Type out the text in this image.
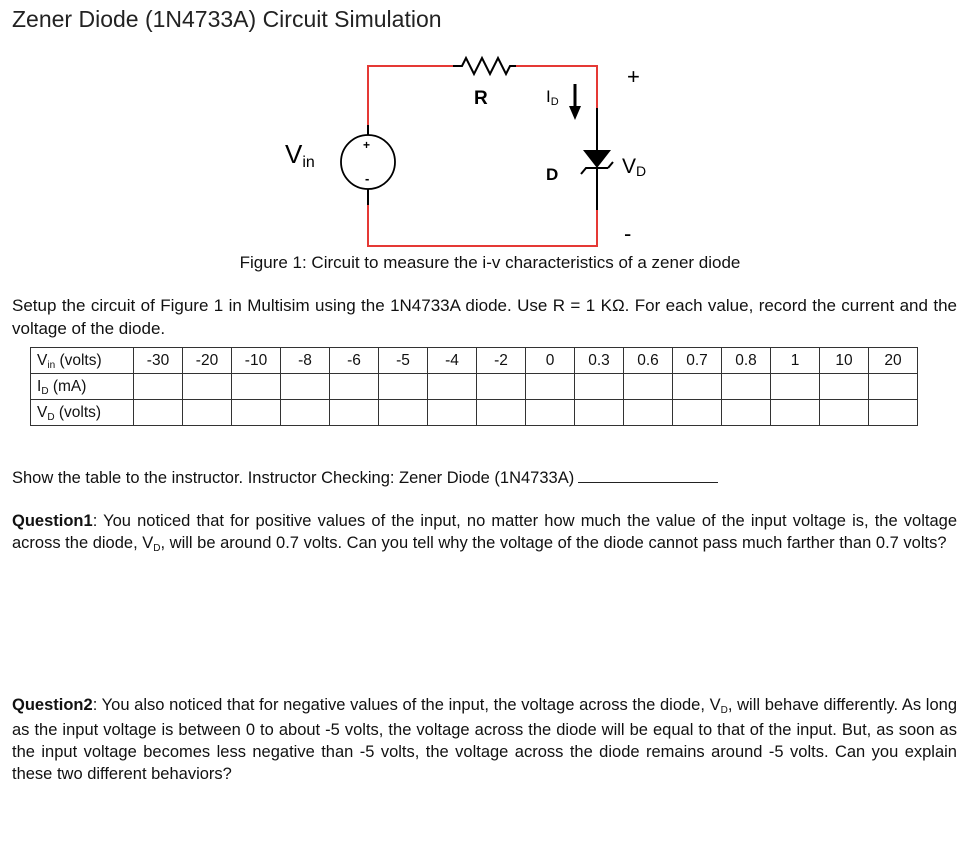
Zener Diode (1N4733A) Circuit Simulation
R	ID
+
D	VD
-
+
-
Vin
Figure 1: Circuit to measure the i-v characteristics of a zener diode
Setup the circuit of Figure 1 in Multisim using the 1N4733A diode. Use R = 1 KΩ. For each value, record the current and the voltage of the diode.
$V_{in}$ (volts)	-30	-20	-10	-8	-6	-5	-4	-2	0	0.3	0.6	0.7	0.8	1	10	20
$I_D$ (mA)																
$V_D$ (volts)																
Show the table to the instructor. Instructor Checking: Zener Diode (1N4733A)
Question1: You noticed that for positive values of the input, no matter how much the value of the input voltage is, the voltage across the diode, $V_D$, will be around 0.7 volts. Can you tell why the voltage of the diode cannot pass much farther than 0.7 volts?
Question2: You also noticed that for negative values of the input, the voltage across the diode, $V_D$, will behave differently. As long as the input voltage is between 0 to about -5 volts, the voltage across the diode will be equal to that of the input. But, as soon as the input voltage becomes less negative than -5 volts, the voltage across the diode remains around -5 volts. Can you explain these two different behaviors?
